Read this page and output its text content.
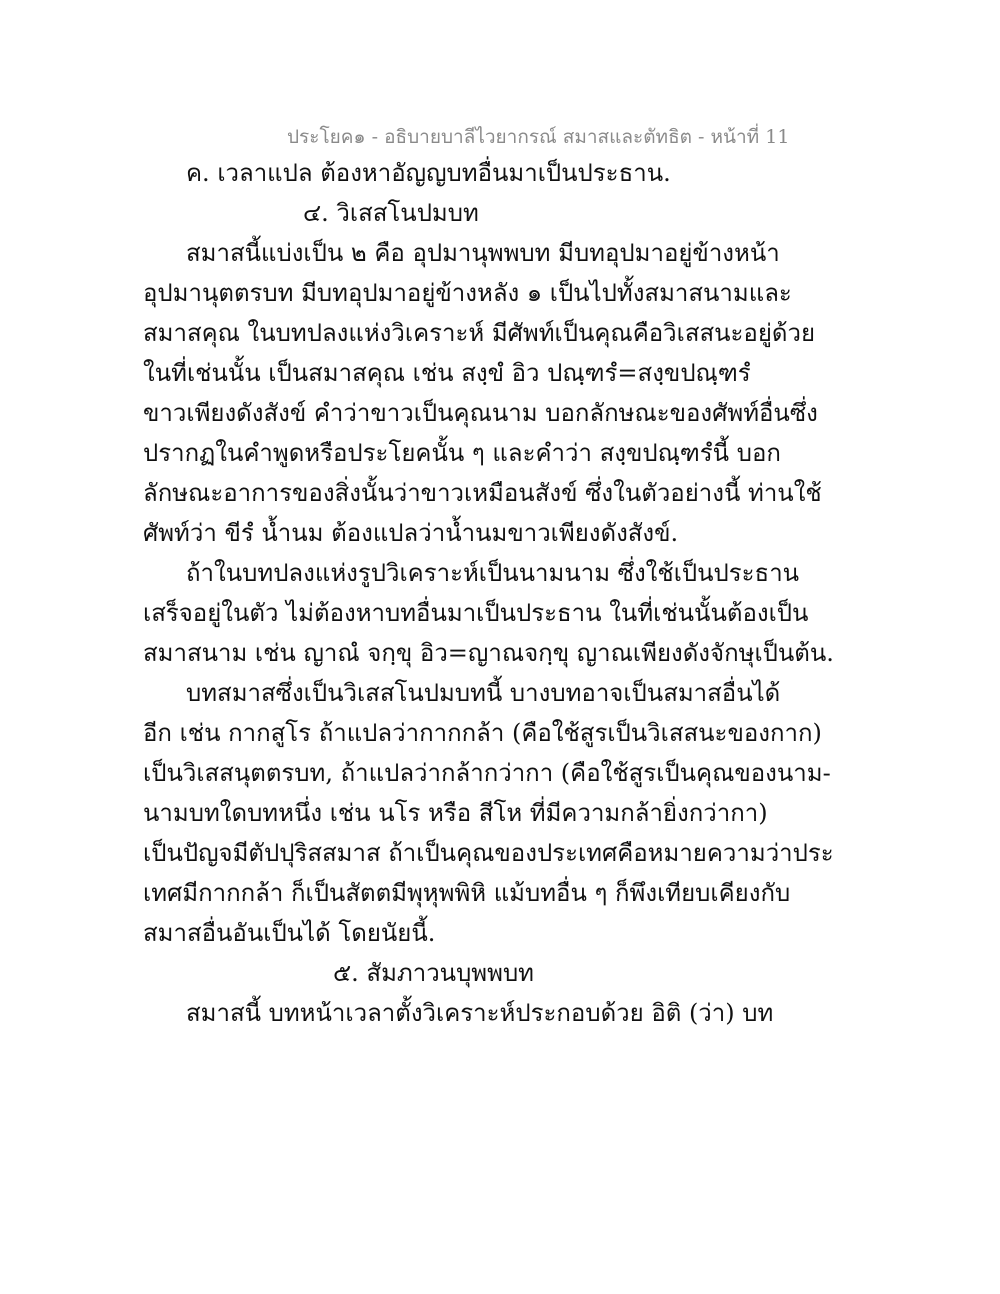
ประโยค๑ - อธิบายบาลีไวยากรณ์ สมาสและตัทธิต - หน้าที่ 11
ค. เวลาแปล ต้องหาอัญญบทอื่นมาเป็นประธาน.
๔. วิเสสโนปมบท
สมาสนี้แบ่งเป็น ๒ คือ อุปมานุพพบท มีบทอุปมาอยู่ข้างหน้า
อุปมานุตตรบท มีบทอุปมาอยู่ข้างหลัง ๑ เป็นไปทั้งสมาสนามและ
สมาสคุณ ในบทปลงแห่งวิเคราะห์ มีศัพท์เป็นคุณคือวิเสสนะอยู่ด้วย
ในที่เช่นนั้น เป็นสมาสคุณ เช่น สงฺขํ อิว ปณฺฑรํ=สงฺขปณฺฑรํ
ขาวเพียงดังสังข์ คำว่าขาวเป็นคุณนาม บอกลักษณะของศัพท์อื่นซึ่ง
ปรากฏในคำพูดหรือประโยคนั้น ๆ และคำว่า สงฺขปณฺฑรํนี้ บอก
ลักษณะอาการของสิ่งนั้นว่าขาวเหมือนสังข์ ซึ่งในตัวอย่างนี้ ท่านใช้
ศัพท์ว่า ขีรํ น้ำนม ต้องแปลว่าน้ำนมขาวเพียงดังสังข์.
ถ้าในบทปลงแห่งรูปวิเคราะห์เป็นนามนาม ซึ่งใช้เป็นประธาน
เสร็จอยู่ในตัว ไม่ต้องหาบทอื่นมาเป็นประธาน ในที่เช่นนั้นต้องเป็น
สมาสนาม เช่น ญาณํ จกฺขุ อิว=ญาณจกฺขุ ญาณเพียงดังจักษุเป็นต้น.
บทสมาสซึ่งเป็นวิเสสโนปมบทนี้ บางบทอาจเป็นสมาสอื่นได้
อีก เช่น กากสูโร ถ้าแปลว่ากากกล้า (คือใช้สูรเป็นวิเสสนะของกาก)
เป็นวิเสสนุตตรบท, ถ้าแปลว่ากล้ากว่ากา (คือใช้สูรเป็นคุณของนาม-
นามบทใดบทหนึ่ง เช่น นโร หรือ สีโห ที่มีความกล้ายิ่งกว่ากา)
เป็นปัญจมีตัปปุริสสมาส ถ้าเป็นคุณของประเทศคือหมายความว่าประ
เทศมีกากกล้า ก็เป็นสัตตมีพุหุพพิหิ แม้บทอื่น ๆ ก็พึงเทียบเคียงกับ
สมาสอื่นอันเป็นได้ โดยนัยนี้.
๕. สัมภาวนบุพพบท
สมาสนี้ บทหน้าเวลาตั้งวิเคราะห์ประกอบด้วย อิติ (ว่า) บท
